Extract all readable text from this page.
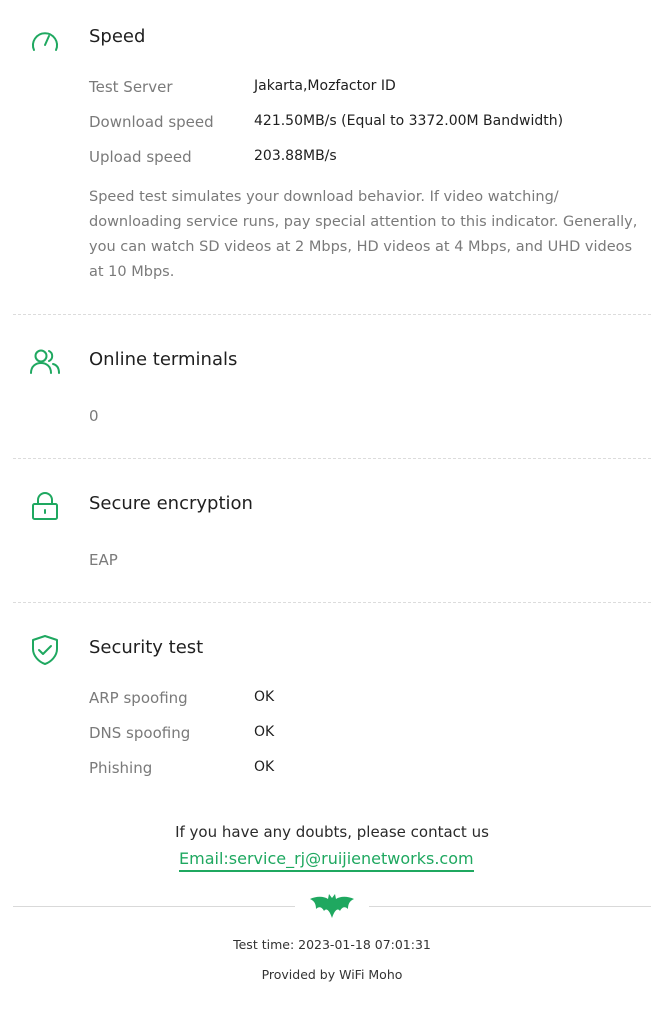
Speed
Test Server	Jakarta,Mozfactor ID
Download speed	421.50MB/s (Equal to 3372.00M Bandwidth)
Upload speed	203.88MB/s
Speed test simulates your download behavior. If video watching/ downloading service runs, pay special attention to this indicator. Generally, you can watch SD videos at 2 Mbps, HD videos at 4 Mbps, and UHD videos at 10 Mbps.
Online terminals
0
Secure encryption
EAP
Security test
ARP spoofing	OK
DNS spoofing	OK
Phishing	OK
If you have any doubts, please contact us
Email:service_rj@ruijienetworks.com
Test time: 2023-01-18 07:01:31
Provided by WiFi Moho
